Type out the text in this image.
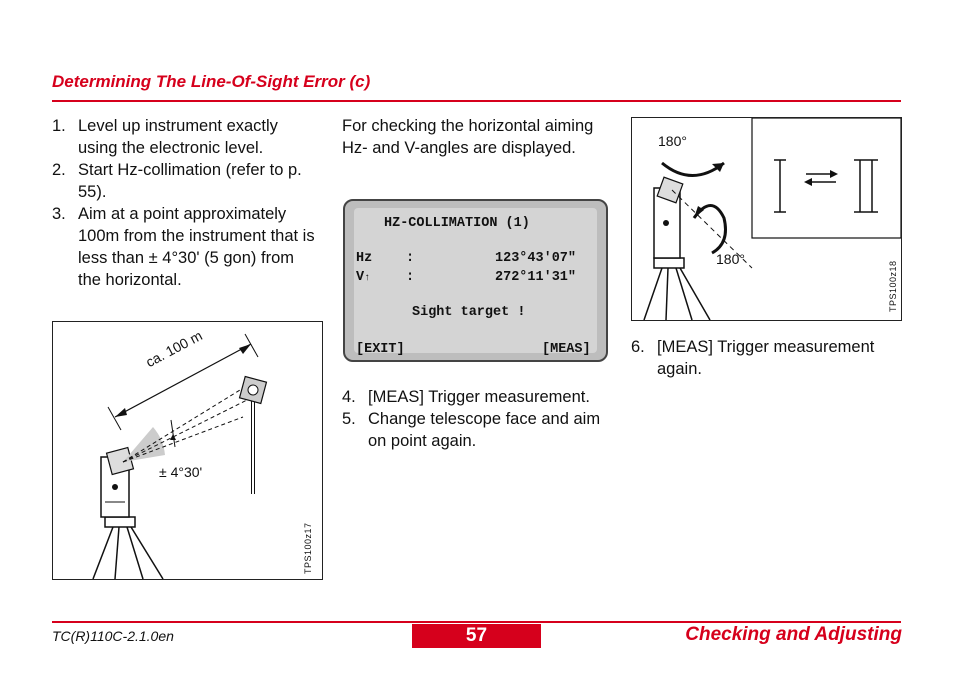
Determining The Line-Of-Sight Error (c)
1. Level up instrument exactly using the electronic level.
2. Start Hz-collimation (refer to p. 55).
3. Aim at a point approximately 100m from the instrument that is less than ± 4°30' (5 gon) from the horizontal.
ca. 100 m
± 4°30'
TPS100z17
For checking the horizontal aiming Hz- and V-angles are displayed.
HZ-COLLIMATION (1)
Hz	:	123°43'07"
V↑	:	272°11'31"
Sight target !
[EXIT]	[MEAS]
4. [MEAS] Trigger measurement.
5. Change telescope face and aim on point again.
180°
180°
TPS100z18
6. [MEAS] Trigger measurement again.
TC(R)110C-2.1.0en	57	Checking and Adjusting
